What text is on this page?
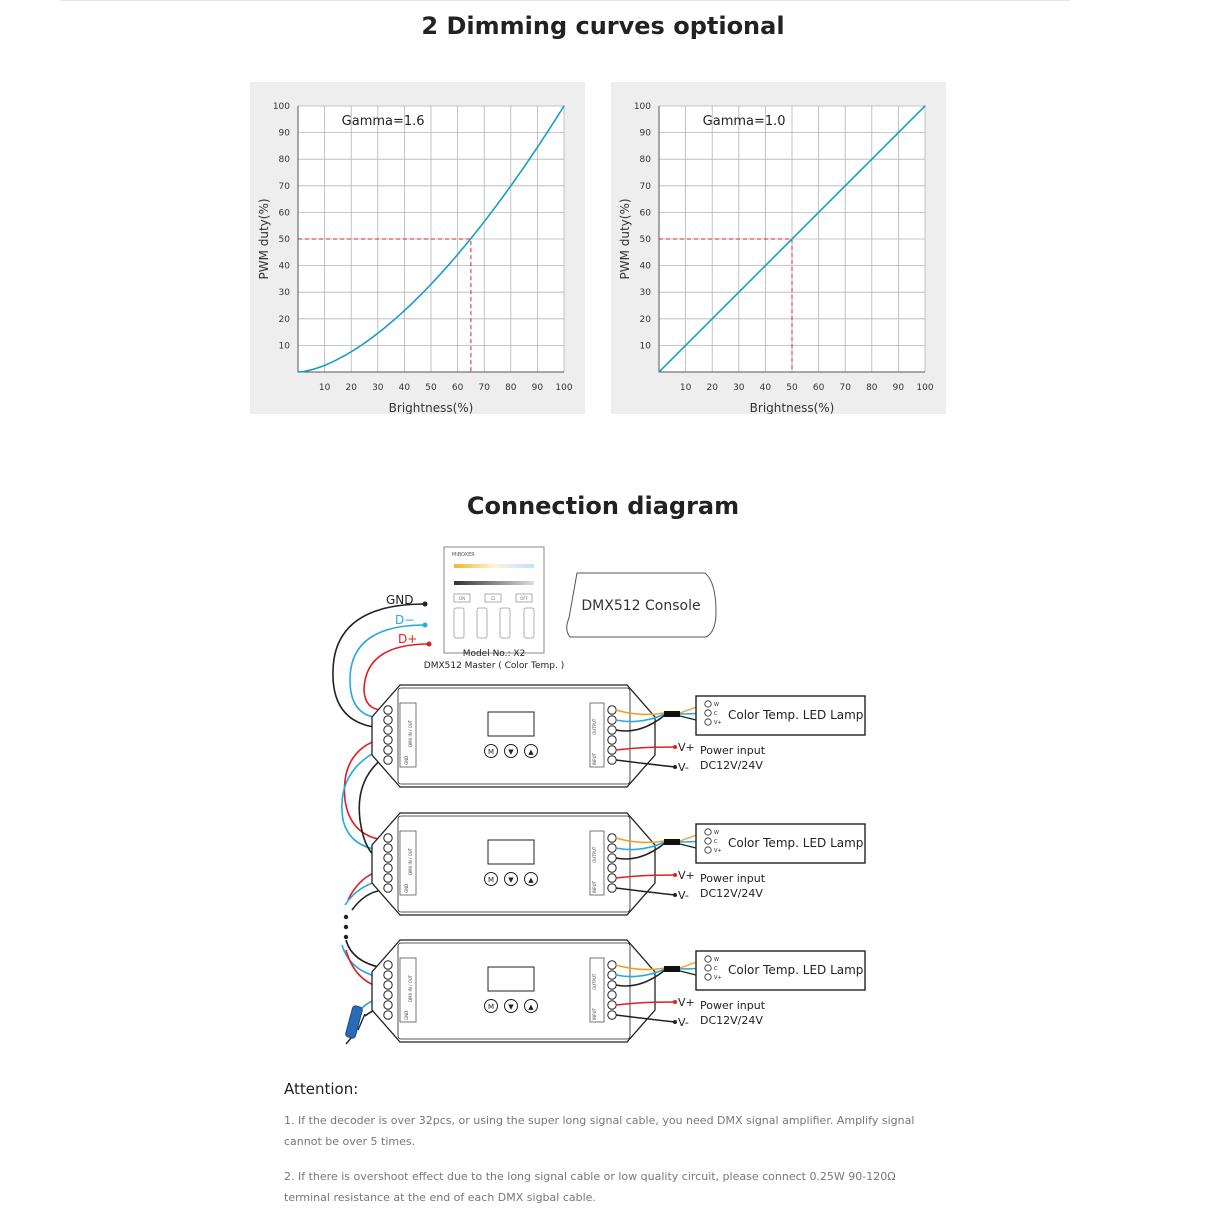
2 Dimming curves optional
10 20 30 40 50 60 70 80 90 100
10
20
30
40
50
60
70
80
90
100
Brightness(%)
PWM duty(%)
Gamma=1.6
10 20 30 40 50 60 70 80 90 100
10
20
30
40
50
60
70
80
90
100
Brightness(%)
PWM duty(%)
Gamma=1.0
Connection diagram
MiBOXER
ON	⊡	OFF
Model No.: X2
DMX512 Master ( Color Temp. )
DMX512 Console
GND
D−
D+
DMX IN / OUT
GND
M ▼ ▲
OUTPUT
INPUT
W
C
V+
Color Temp. LED Lamp
V+
V-
Power input
DC12V/24V
DMX IN / OUT
GND
M ▼ ▲
OUTPUT
INPUT
W
C
V+
Color Temp. LED Lamp
V+
V-
Power input
DC12V/24V
DMX IN / OUT
GND
M ▼ ▲
OUTPUT
INPUT
W
C
V+
Color Temp. LED Lamp
V+
V-
Power input
DC12V/24V
Attention:

1. If the decoder is over 32pcs, or using the super long signal cable, you need DMX signal amplifier. Amplify signal cannot be over 5 times.

2. If there is overshoot effect due to the long signal cable or low quality circuit, please connect 0.25W 90-120Ω terminal resistance at the end of each DMX sigbal cable.
